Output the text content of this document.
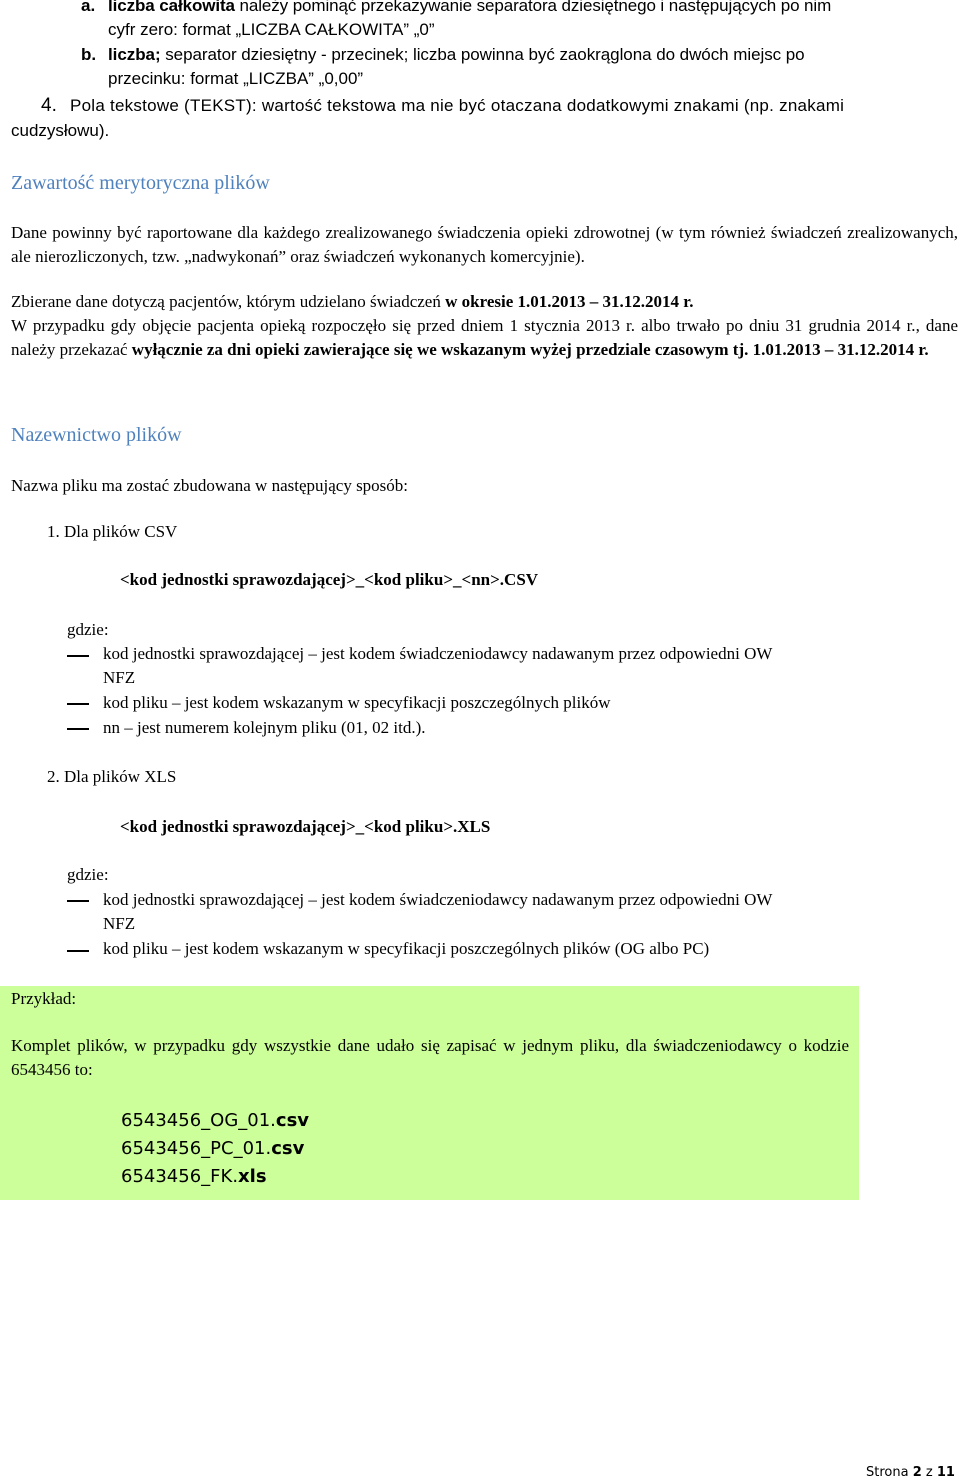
a. liczba całkowita należy pominąć przekazywanie separatora dziesiętnego i następujących po nim
cyfr zero: format „LICZBA CAŁKOWITA” „0”
b. liczba; separator dziesiętny - przecinek; liczba powinna być zaokrąglona do dwóch miejsc po
przecinku: format „LICZBA” „0,00”
4. Pola tekstowe (TEKST): wartość tekstowa ma nie być otaczana dodatkowymi znakami (np. znakami
cudzysłowu).
Zawartość merytoryczna plików
Dane powinny być raportowane dla każdego zrealizowanego świadczenia opieki zdrowotnej (w tym również świadczeń zrealizowanych, ale nierozliczonych, tzw. „nadwykonań” oraz świadczeń wykonanych komercyjnie).
Zbierane dane dotyczą pacjentów, którym udzielano świadczeń w okresie 1.01.2013 – 31.12.2014 r.
W przypadku gdy objęcie pacjenta opieką rozpoczęło się przed dniem 1 stycznia 2013 r. albo trwało po dniu 31 grudnia 2014 r., dane należy przekazać wyłącznie za dni opieki zawierające się we wskazanym wyżej przedziale czasowym tj. 1.01.2013 – 31.12.2014 r.
Nazewnictwo plików
Nazwa pliku ma zostać zbudowana w następujący sposób:
1. Dla plików CSV
<kod jednostki sprawozdającej>_<kod pliku>_<nn>.CSV
gdzie:
kod jednostki sprawozdającej – jest kodem świadczeniodawcy nadawanym przez odpowiedni OW
NFZ
kod pliku – jest kodem wskazanym w specyfikacji poszczególnych plików
nn – jest numerem kolejnym pliku (01, 02 itd.).
2. Dla plików XLS
<kod jednostki sprawozdającej>_<kod pliku>.XLS
gdzie:
kod jednostki sprawozdającej – jest kodem świadczeniodawcy nadawanym przez odpowiedni OW
NFZ
kod pliku – jest kodem wskazanym w specyfikacji poszczególnych plików (OG albo PC)
Przykład:
Komplet plików, w przypadku gdy wszystkie dane udało się zapisać w jednym pliku, dla świadczeniodawcy o kodzie 6543456 to:
6543456_OG_01.csv
6543456_PC_01.csv
6543456_FK.xls
Strona 2 z 11
